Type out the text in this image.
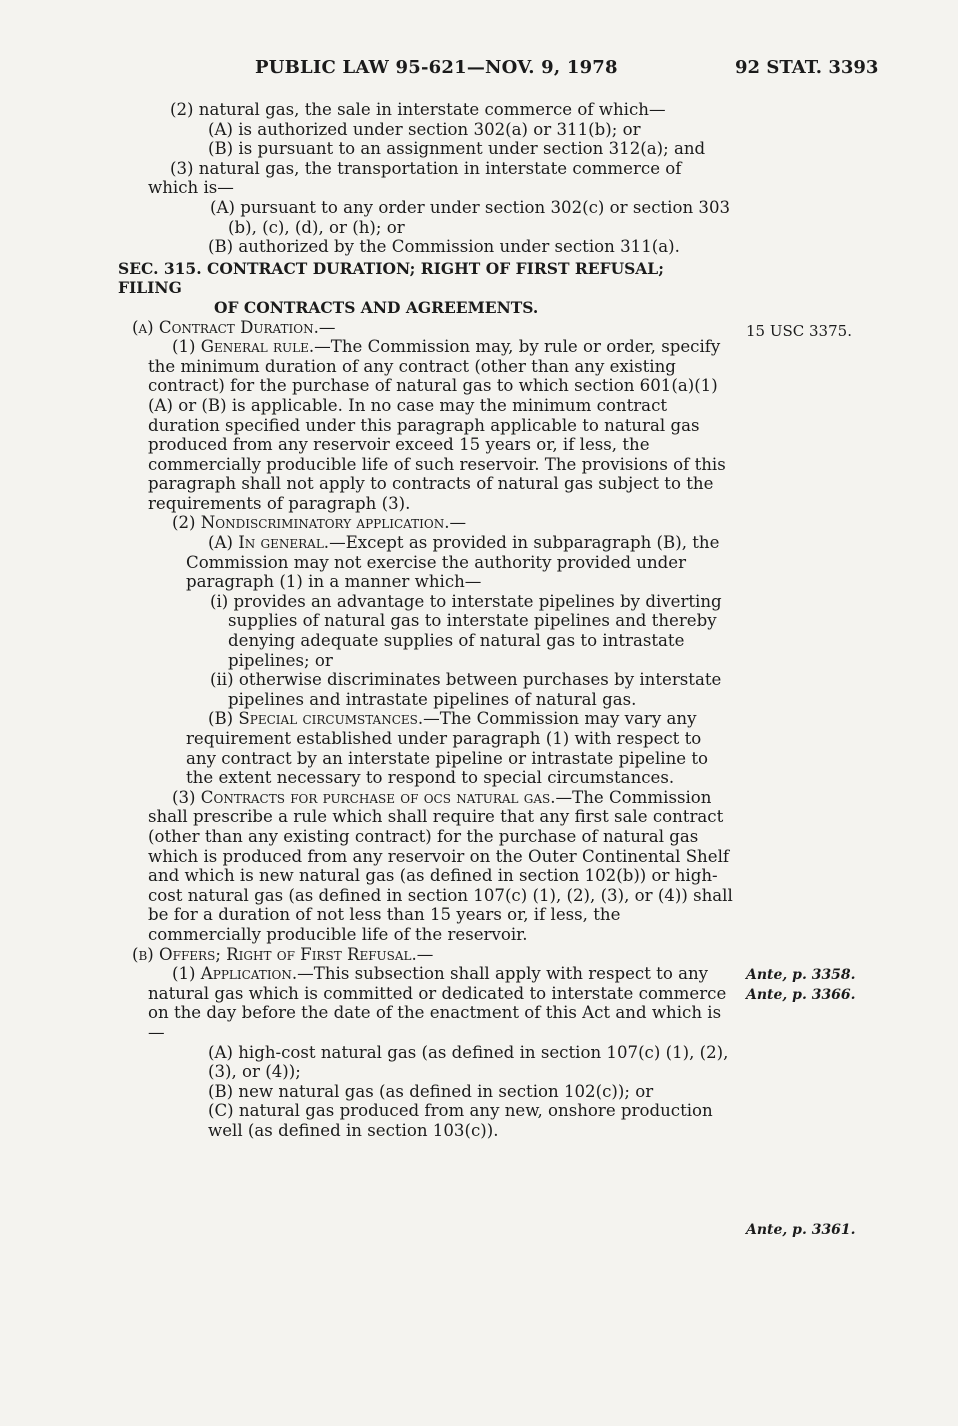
PUBLIC LAW 95-621—NOV. 9, 1978	92 STAT. 3393

(2) natural gas, the sale in interstate commerce of which—

(A) is authorized under section 302(a) or 311(b); or

(B) is pursuant to an assignment under section 312(a); and

(3) natural gas, the transportation in interstate commerce of which is—

(A) pursuant to any order under section 302(c) or section 303 (b), (c), (d), or (h); or

(B) authorized by the Commission under section 311(a).

SEC. 315. CONTRACT DURATION; RIGHT OF FIRST REFUSAL; FILING

OF CONTRACTS AND AGREEMENTS.

(a) Contract Duration.—

(1) General rule.—The Commission may, by rule or order, specify the minimum duration of any contract (other than any existing contract) for the purchase of natural gas to which section 601(a)(1) (A) or (B) is applicable. In no case may the minimum contract duration specified under this paragraph applicable to natural gas produced from any reservoir exceed 15 years or, if less, the commercially producible life of such reservoir. The provisions of this paragraph shall not apply to contracts of natural gas subject to the requirements of paragraph (3).

(2) Nondiscriminatory application.—

(A) In general.—Except as provided in subparagraph (B), the Commission may not exercise the authority provided under paragraph (1) in a manner which—

(i) provides an advantage to interstate pipelines by diverting supplies of natural gas to interstate pipelines and thereby denying adequate supplies of natural gas to intrastate pipelines; or

(ii) otherwise discriminates between purchases by interstate pipelines and intrastate pipelines of natural gas.

(B) Special circumstances.—The Commission may vary any requirement established under paragraph (1) with respect to any contract by an interstate pipeline or intrastate pipeline to the extent necessary to respond to special circumstances.

(3) Contracts for purchase of ocs natural gas.—The Commission shall prescribe a rule which shall require that any first sale contract (other than any existing contract) for the purchase of natural gas which is produced from any reservoir on the Outer Continental Shelf and which is new natural gas (as defined in section 102(b)) or high-cost natural gas (as defined in section 107(c) (1), (2), (3), or (4)) shall be for a duration of not less than 15 years or, if less, the commercially producible life of the reservoir.

(b) Offers; Right of First Refusal.—

(1) Application.—This subsection shall apply with respect to any natural gas which is committed or dedicated to interstate commerce on the day before the date of the enactment of this Act and which is—

(A) high-cost natural gas (as defined in section 107(c) (1), (2), (3), or (4));

(B) new natural gas (as defined in section 102(c)); or

(C) natural gas produced from any new, onshore production well (as defined in section 103(c)).

15 USC 3375.
Ante, p. 3358.
Ante, p. 3366.
Ante, p. 3361.
